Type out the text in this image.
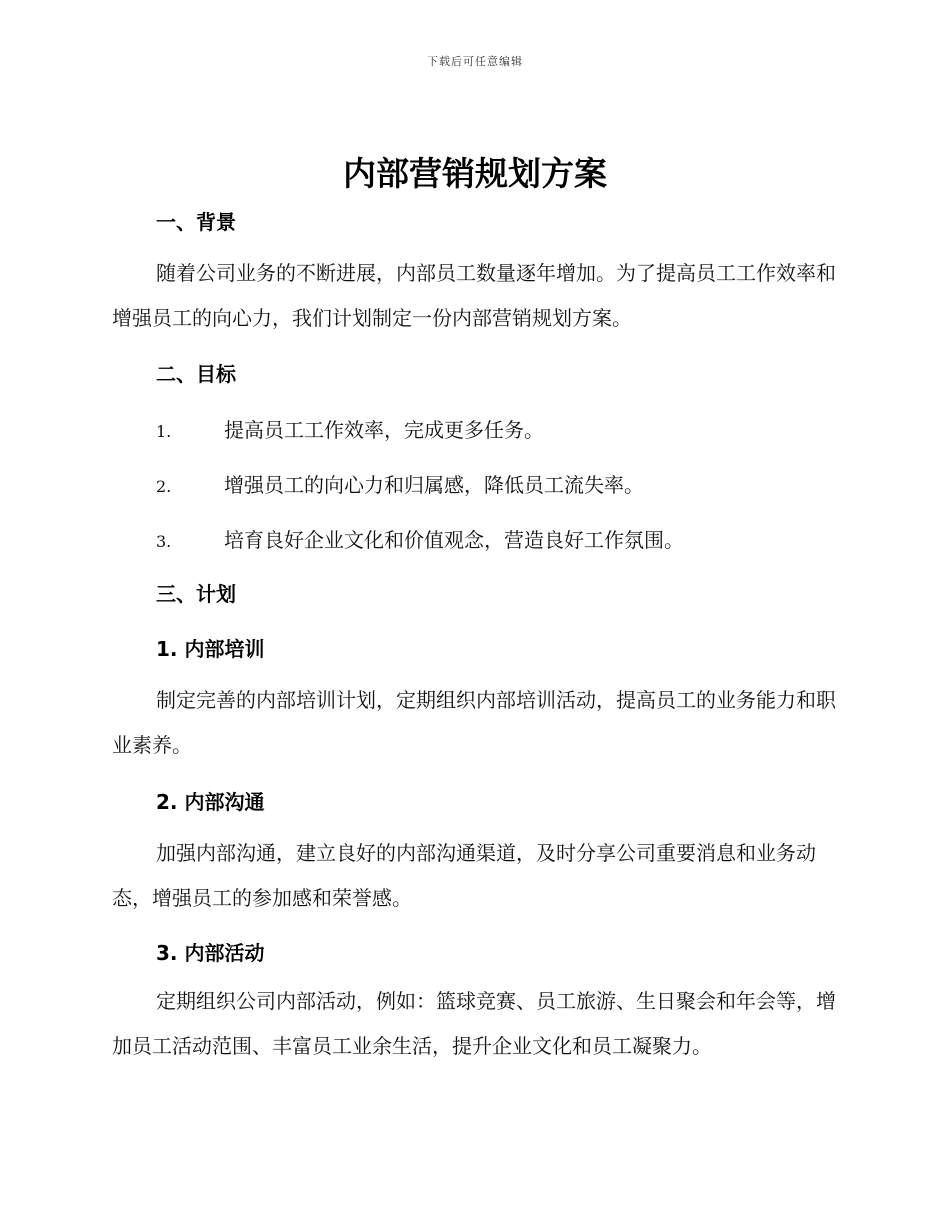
下载后可任意编辑
内部营销规划方案
一、背景

随着公司业务的不断进展，内部员工数量逐年增加。为了提高员工工作效率和增强员工的向心力，我们计划制定一份内部营销规划方案。

二、目标
1.	提高员工工作效率，完成更多任务。
2.	增强员工的向心力和归属感，降低员工流失率。
3.	培育良好企业文化和价值观念，营造良好工作氛围。
三、计划
1. 内部培训

制定完善的内部培训计划，定期组织内部培训活动，提高员工的业务能力和职业素养。

2. 内部沟通

加强内部沟通，建立良好的内部沟通渠道，及时分享公司重要消息和业务动态，增强员工的参加感和荣誉感。

3. 内部活动

定期组织公司内部活动，例如：篮球竞赛、员工旅游、生日聚会和年会等，增加员工活动范围、丰富员工业余生活，提升企业文化和员工凝聚力。
